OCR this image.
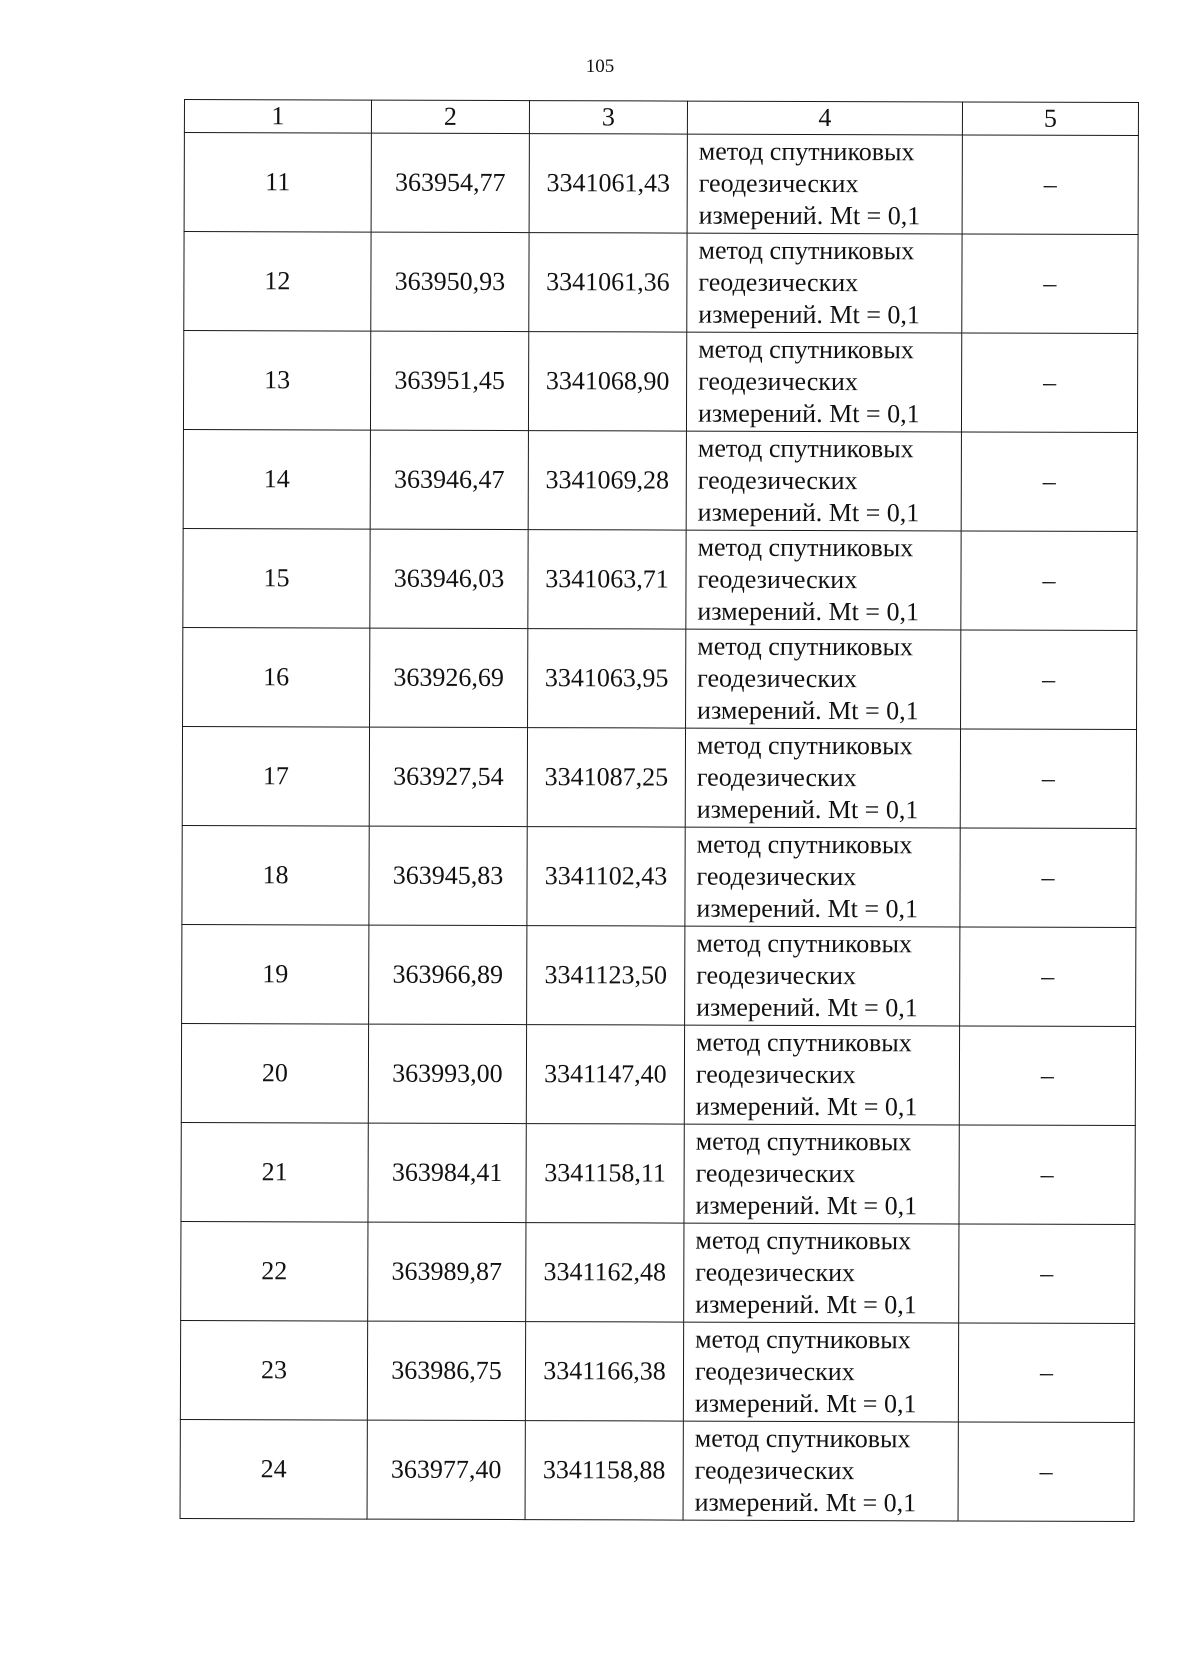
105
1	2	3	4	5
11	363954,77	3341061,43	метод спутниковых
геодезических
измерений. Mt = 0,1	–
12	363950,93	3341061,36	метод спутниковых
геодезических
измерений. Mt = 0,1	–
13	363951,45	3341068,90	метод спутниковых
геодезических
измерений. Mt = 0,1	–
14	363946,47	3341069,28	метод спутниковых
геодезических
измерений. Mt = 0,1	–
15	363946,03	3341063,71	метод спутниковых
геодезических
измерений. Mt = 0,1	–
16	363926,69	3341063,95	метод спутниковых
геодезических
измерений. Mt = 0,1	–
17	363927,54	3341087,25	метод спутниковых
геодезических
измерений. Mt = 0,1	–
18	363945,83	3341102,43	метод спутниковых
геодезических
измерений. Mt = 0,1	–
19	363966,89	3341123,50	метод спутниковых
геодезических
измерений. Mt = 0,1	–
20	363993,00	3341147,40	метод спутниковых
геодезических
измерений. Mt = 0,1	–
21	363984,41	3341158,11	метод спутниковых
геодезических
измерений. Mt = 0,1	–
22	363989,87	3341162,48	метод спутниковых
геодезических
измерений. Mt = 0,1	–
23	363986,75	3341166,38	метод спутниковых
геодезических
измерений. Mt = 0,1	–
24	363977,40	3341158,88	метод спутниковых
геодезических
измерений. Mt = 0,1	–
